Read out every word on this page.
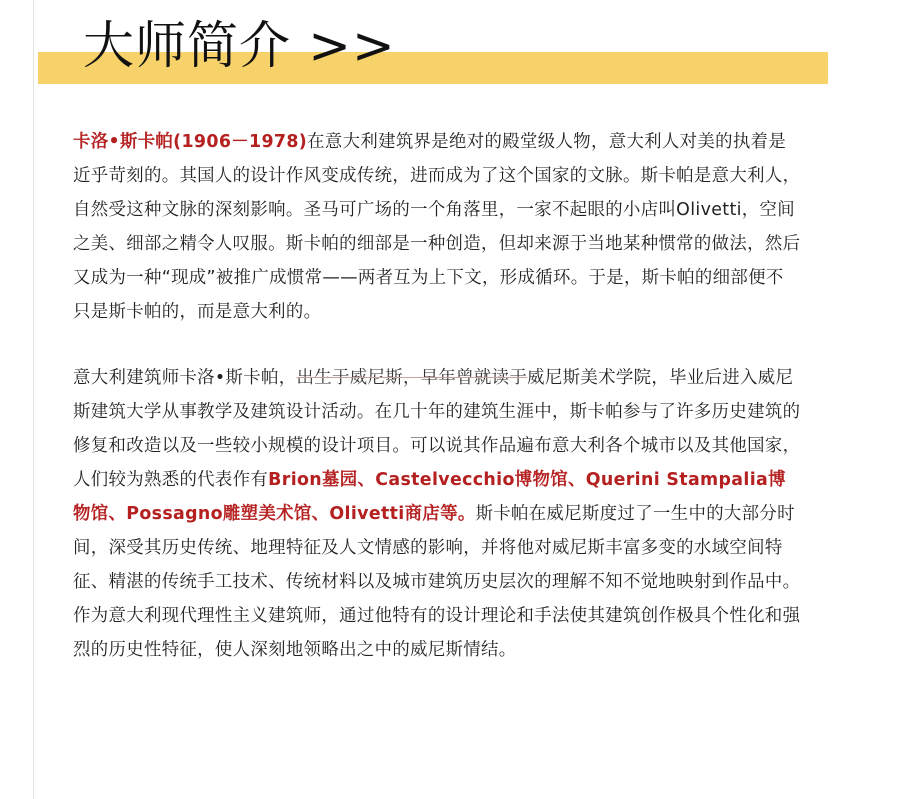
大师简介 >>

卡洛•斯卡帕(1906－1978)在意大利建筑界是绝对的殿堂级人物，意大利人对美的执着是近乎苛刻的。其国人的设计作风变成传统，进而成为了这个国家的文脉。斯卡帕是意大利人，自然受这种文脉的深刻影响。圣马可广场的一个角落里，一家不起眼的小店叫Olivetti，空间之美、细部之精令人叹服。斯卡帕的细部是一种创造，但却来源于当地某种惯常的做法，然后又成为一种“现成”被推广成惯常——两者互为上下文，形成循环。于是，斯卡帕的细部便不只是斯卡帕的，而是意大利的。

意大利建筑师卡洛•斯卡帕，出生于威尼斯，早年曾就读于威尼斯美术学院，毕业后进入威尼斯建筑大学从事教学及建筑设计活动。在几十年的建筑生涯中，斯卡帕参与了许多历史建筑的修复和改造以及一些较小规模的设计项目。可以说其作品遍布意大利各个城市以及其他国家，人们较为熟悉的代表作有Brion墓园、Castelvecchio博物馆、Querini Stampalia博物馆、Possagno雕塑美术馆、Olivetti商店等。斯卡帕在威尼斯度过了一生中的大部分时间，深受其历史传统、地理特征及人文情感的影响，并将他对威尼斯丰富多变的水域空间特征、精湛的传统手工技术、传统材料以及城市建筑历史层次的理解不知不觉地映射到作品中。作为意大利现代理性主义建筑师，通过他特有的设计理论和手法使其建筑创作极具个性化和强烈的历史性特征，使人深刻地领略出之中的威尼斯情结。
